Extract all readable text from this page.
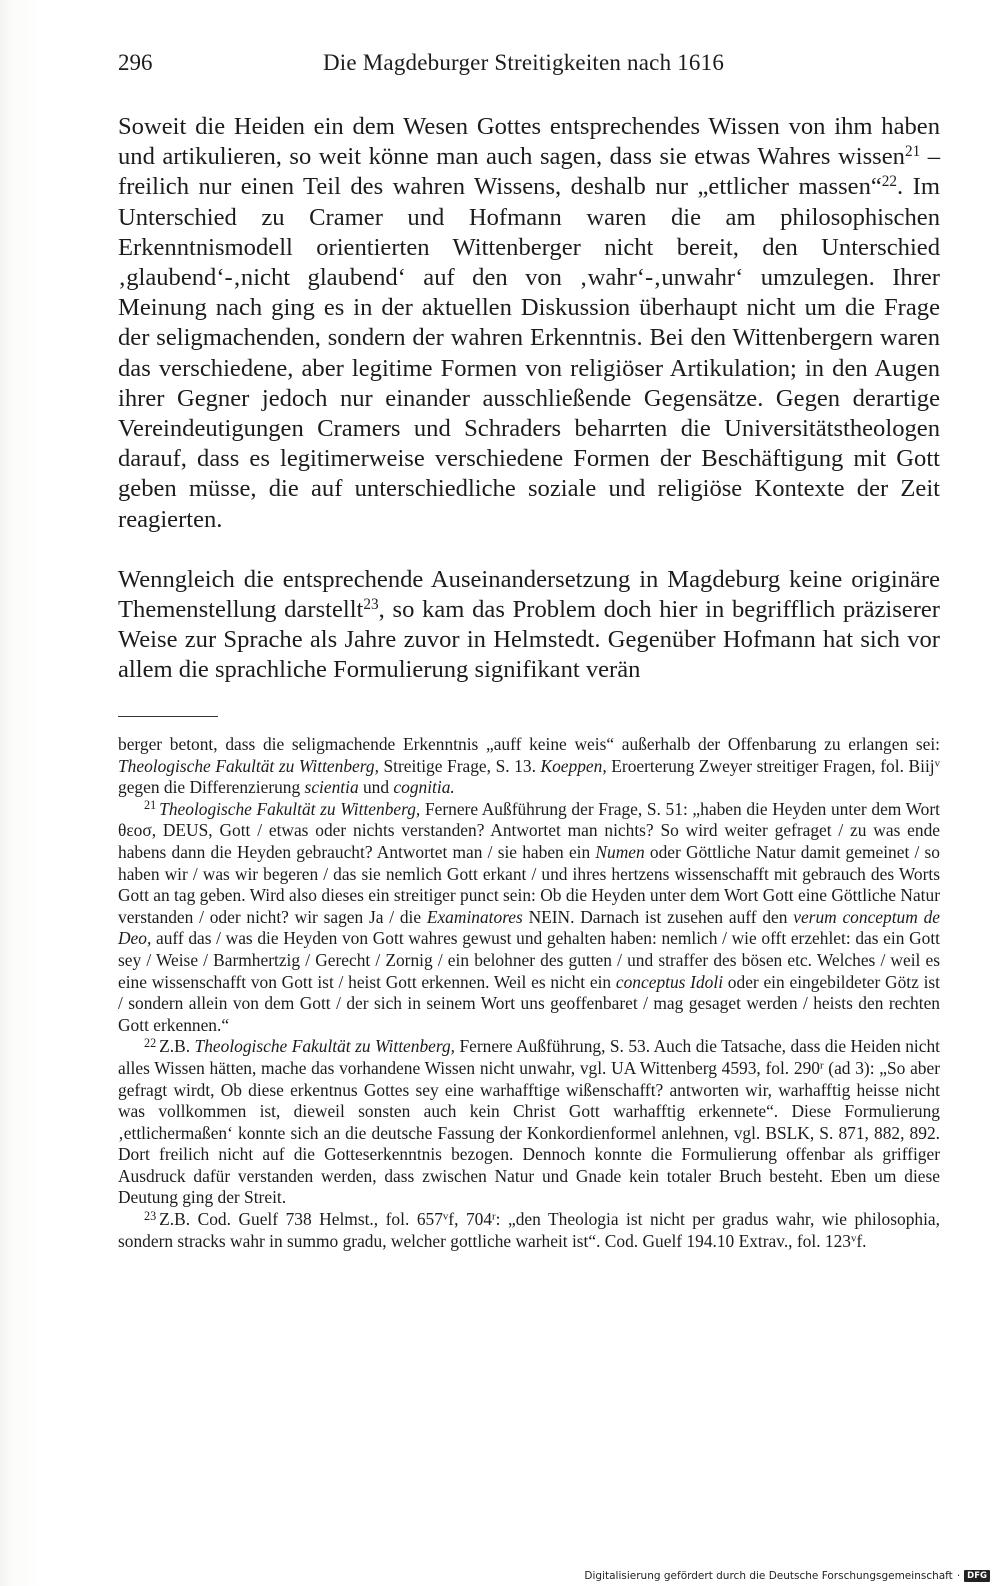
296	Die Magdeburger Streitigkeiten nach 1616

Soweit die Heiden ein dem Wesen Gottes entsprechendes Wissen von ihm haben und artikulieren, so weit könne man auch sagen, dass sie etwas Wahres wissen$^{21}$ – freilich nur einen Teil des wahren Wissens, deshalb nur „ettlicher massen“$^{22}$. Im Unterschied zu Cramer und Hofmann waren die am philosophischen Erkenntnismodell orientierten Wittenberger nicht bereit, den Unterschied ‚glaubend‘-‚nicht glaubend‘ auf den von ‚wahr‘-‚unwahr‘ umzulegen. Ihrer Meinung nach ging es in der aktuellen Diskussion überhaupt nicht um die Frage der seligmachenden, sondern der wahren Erkenntnis. Bei den Wittenbergern waren das verschiedene, aber legitime Formen von religiöser Artikulation; in den Augen ihrer Gegner jedoch nur einander ausschließende Gegensätze. Gegen derartige Vereindeutigungen Cramers und Schraders beharrten die Universitätstheologen darauf, dass es legitimerweise verschiedene Formen der Beschäftigung mit Gott geben müsse, die auf unterschiedliche soziale und religiöse Kontexte der Zeit reagierten.

Wenngleich die entsprechende Auseinandersetzung in Magdeburg keine originäre Themenstellung darstellt$^{23}$, so kam das Problem doch hier in begrifflich präziserer Weise zur Sprache als Jahre zuvor in Helmstedt. Gegenüber Hofmann hat sich vor allem die sprachliche Formulierung signifikant verän

berger betont, dass die seligmachende Erkenntnis „auff keine weis“ außerhalb der Offenbarung zu erlangen sei: Theologische Fakultät zu Wittenberg, Streitige Frage, S. 13. Koeppen, Eroerterung Zweyer streitiger Fragen, fol. Biij$^v$ gegen die Differenzierung scientia und cognitia.

$^{21}$ Theologische Fakultät zu Wittenberg, Fernere Außführung der Frage, S. 51: „haben die Heyden unter dem Wort θεοσ, DEUS, Gott / etwas oder nichts verstanden? Antwortet man nichts? So wird weiter gefraget / zu was ende habens dann die Heyden gebraucht? Antwortet man / sie haben ein Numen oder Göttliche Natur damit gemeinet / so haben wir / was wir begeren / das sie nemlich Gott erkant / und ihres hertzens wissenschafft mit gebrauch des Worts Gott an tag geben. Wird also dieses ein streitiger punct sein: Ob die Heyden unter dem Wort Gott eine Göttliche Natur verstanden / oder nicht? wir sagen Ja / die Examinatores NEIN. Darnach ist zusehen auff den verum conceptum de Deo, auff das / was die Heyden von Gott wahres gewust und gehalten haben: nemlich / wie offt erzehlet: das ein Gott sey / Weise / Barmhertzig / Gerecht / Zornig / ein belohner des gutten / und straffer des bösen etc. Welches / weil es eine wissenschafft von Gott ist / heist Gott erkennen. Weil es nicht ein conceptus Idoli oder ein eingebildeter Götz ist / sondern allein von dem Gott / der sich in seinem Wort uns geoffenbaret / mag gesaget werden / heists den rechten Gott erkennen.“

$^{22}$ Z.B. Theologische Fakultät zu Wittenberg, Fernere Außführung, S. 53. Auch die Tatsache, dass die Heiden nicht alles Wissen hätten, mache das vorhandene Wissen nicht unwahr, vgl. UA Wittenberg 4593, fol. 290$^r$ (ad 3): „So aber gefragt wirdt, Ob diese erkentnus Gottes sey eine warhafftige wißenschafft? antworten wir, warhafftig heisse nicht was vollkommen ist, dieweil sonsten auch kein Christ Gott warhafftig erkennete“. Diese Formulierung ‚ettlichermaßen‘ konnte sich an die deutsche Fassung der Konkordienformel anlehnen, vgl. BSLK, S. 871, 882, 892. Dort freilich nicht auf die Gotteserkenntnis bezogen. Dennoch konnte die Formulierung offenbar als griffiger Ausdruck dafür verstanden werden, dass zwischen Natur und Gnade kein totaler Bruch besteht. Eben um diese Deutung ging der Streit.

$^{23}$ Z.B. Cod. Guelf 738 Helmst., fol. 657$^v$f, 704$^r$: „den Theologia ist nicht per gradus wahr, wie philosophia, sondern stracks wahr in summo gradu, welcher gottliche warheit ist“. Cod. Guelf 194.10 Extrav., fol. 123$^v$f.

Digitalisierung gefördert durch die Deutsche Forschungsgemeinschaft · DFG
